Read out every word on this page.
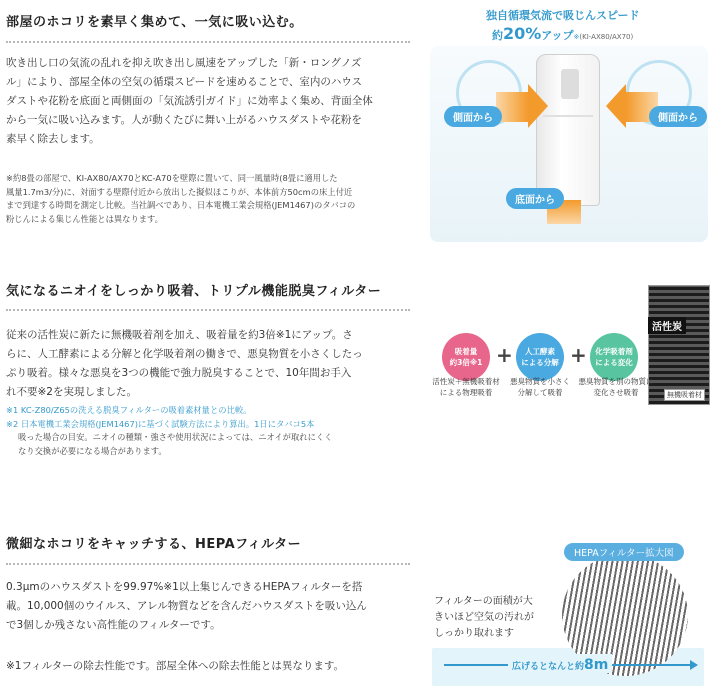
部屋のホコリを素早く集めて、一気に吸い込む。
吹き出し口の気流の乱れを抑え吹き出し風速をアップした「新・ロングノズ
ル」により、部屋全体の空気の循環スピードを速めることで、室内のハウス
ダストや花粉を底面と両側面の「気流誘引ガイド」に効率よく集め、背面全体
から一気に吸い込みます。人が動くたびに舞い上がるハウスダストや花粉を
素早く除去します。
※約8畳の部屋で、KI-AX80/AX70とKC-A70を壁際に置いて、同一風量時(8畳に適用した
風量1.7m3/分)に、対面する壁際付近から放出した擬似ほこりが、本体前方50cmの床上付近
まで到達する時間を測定し比較。当社調べであり、日本電機工業会規格(JEM1467)のタバコの
粉じんによる集じん性能とは異なります。
独自循環気流で吸じんスピード
約20%アップ※(KI-AX80/AX70)
側面から	側面から
底面から
気になるニオイをしっかり吸着、トリプル機能脱臭フィルター
従来の活性炭に新たに無機吸着剤を加え、吸着量を約3倍※1にアップ。さ
らに、人工酵素による分解と化学吸着剤の働きで、悪臭物質を小さくしたっ
ぷり吸着。様々な悪臭を3つの機能で強力脱臭することで、10年間お手入
れ不要※2を実現しました。
※1 KC-Z80/Z65の洗える脱臭フィルターの吸着素材量との比較。
※2 日本電機工業会規格(JEM1467)に基づく試験方法により算出。1日にタバコ5本
吸った場合の目安。ニオイの種類・強さや使用状況によっては、ニオイが取れにくく
なり交換が必要になる場合があります。
活性炭
無機吸着材
吸着量
約3倍※1 +	人工酵素
による分解 + 化学吸着剤
による変化
活性炭＋無機吸着材
による物理吸着
悪臭物質を小さく
分解して吸着
悪臭物質を別の物質に
変化させ吸着
微細なホコリをキャッチする、HEPAフィルター
0.3μmのハウスダストを99.97%※1以上集じんできるHEPAフィルターを搭
載。10,000個のウイルス、アレル物質などを含んだハウスダストを吸い込ん
で3個しか残さない高性能のフィルターです。
※1フィルターの除去性能です。部屋全体への除去性能とは異なります。
HEPAフィルター拡大図
フィルターの面積が大
きいほど空気の汚れが
しっかり取れます
広げるとなんと約8m
